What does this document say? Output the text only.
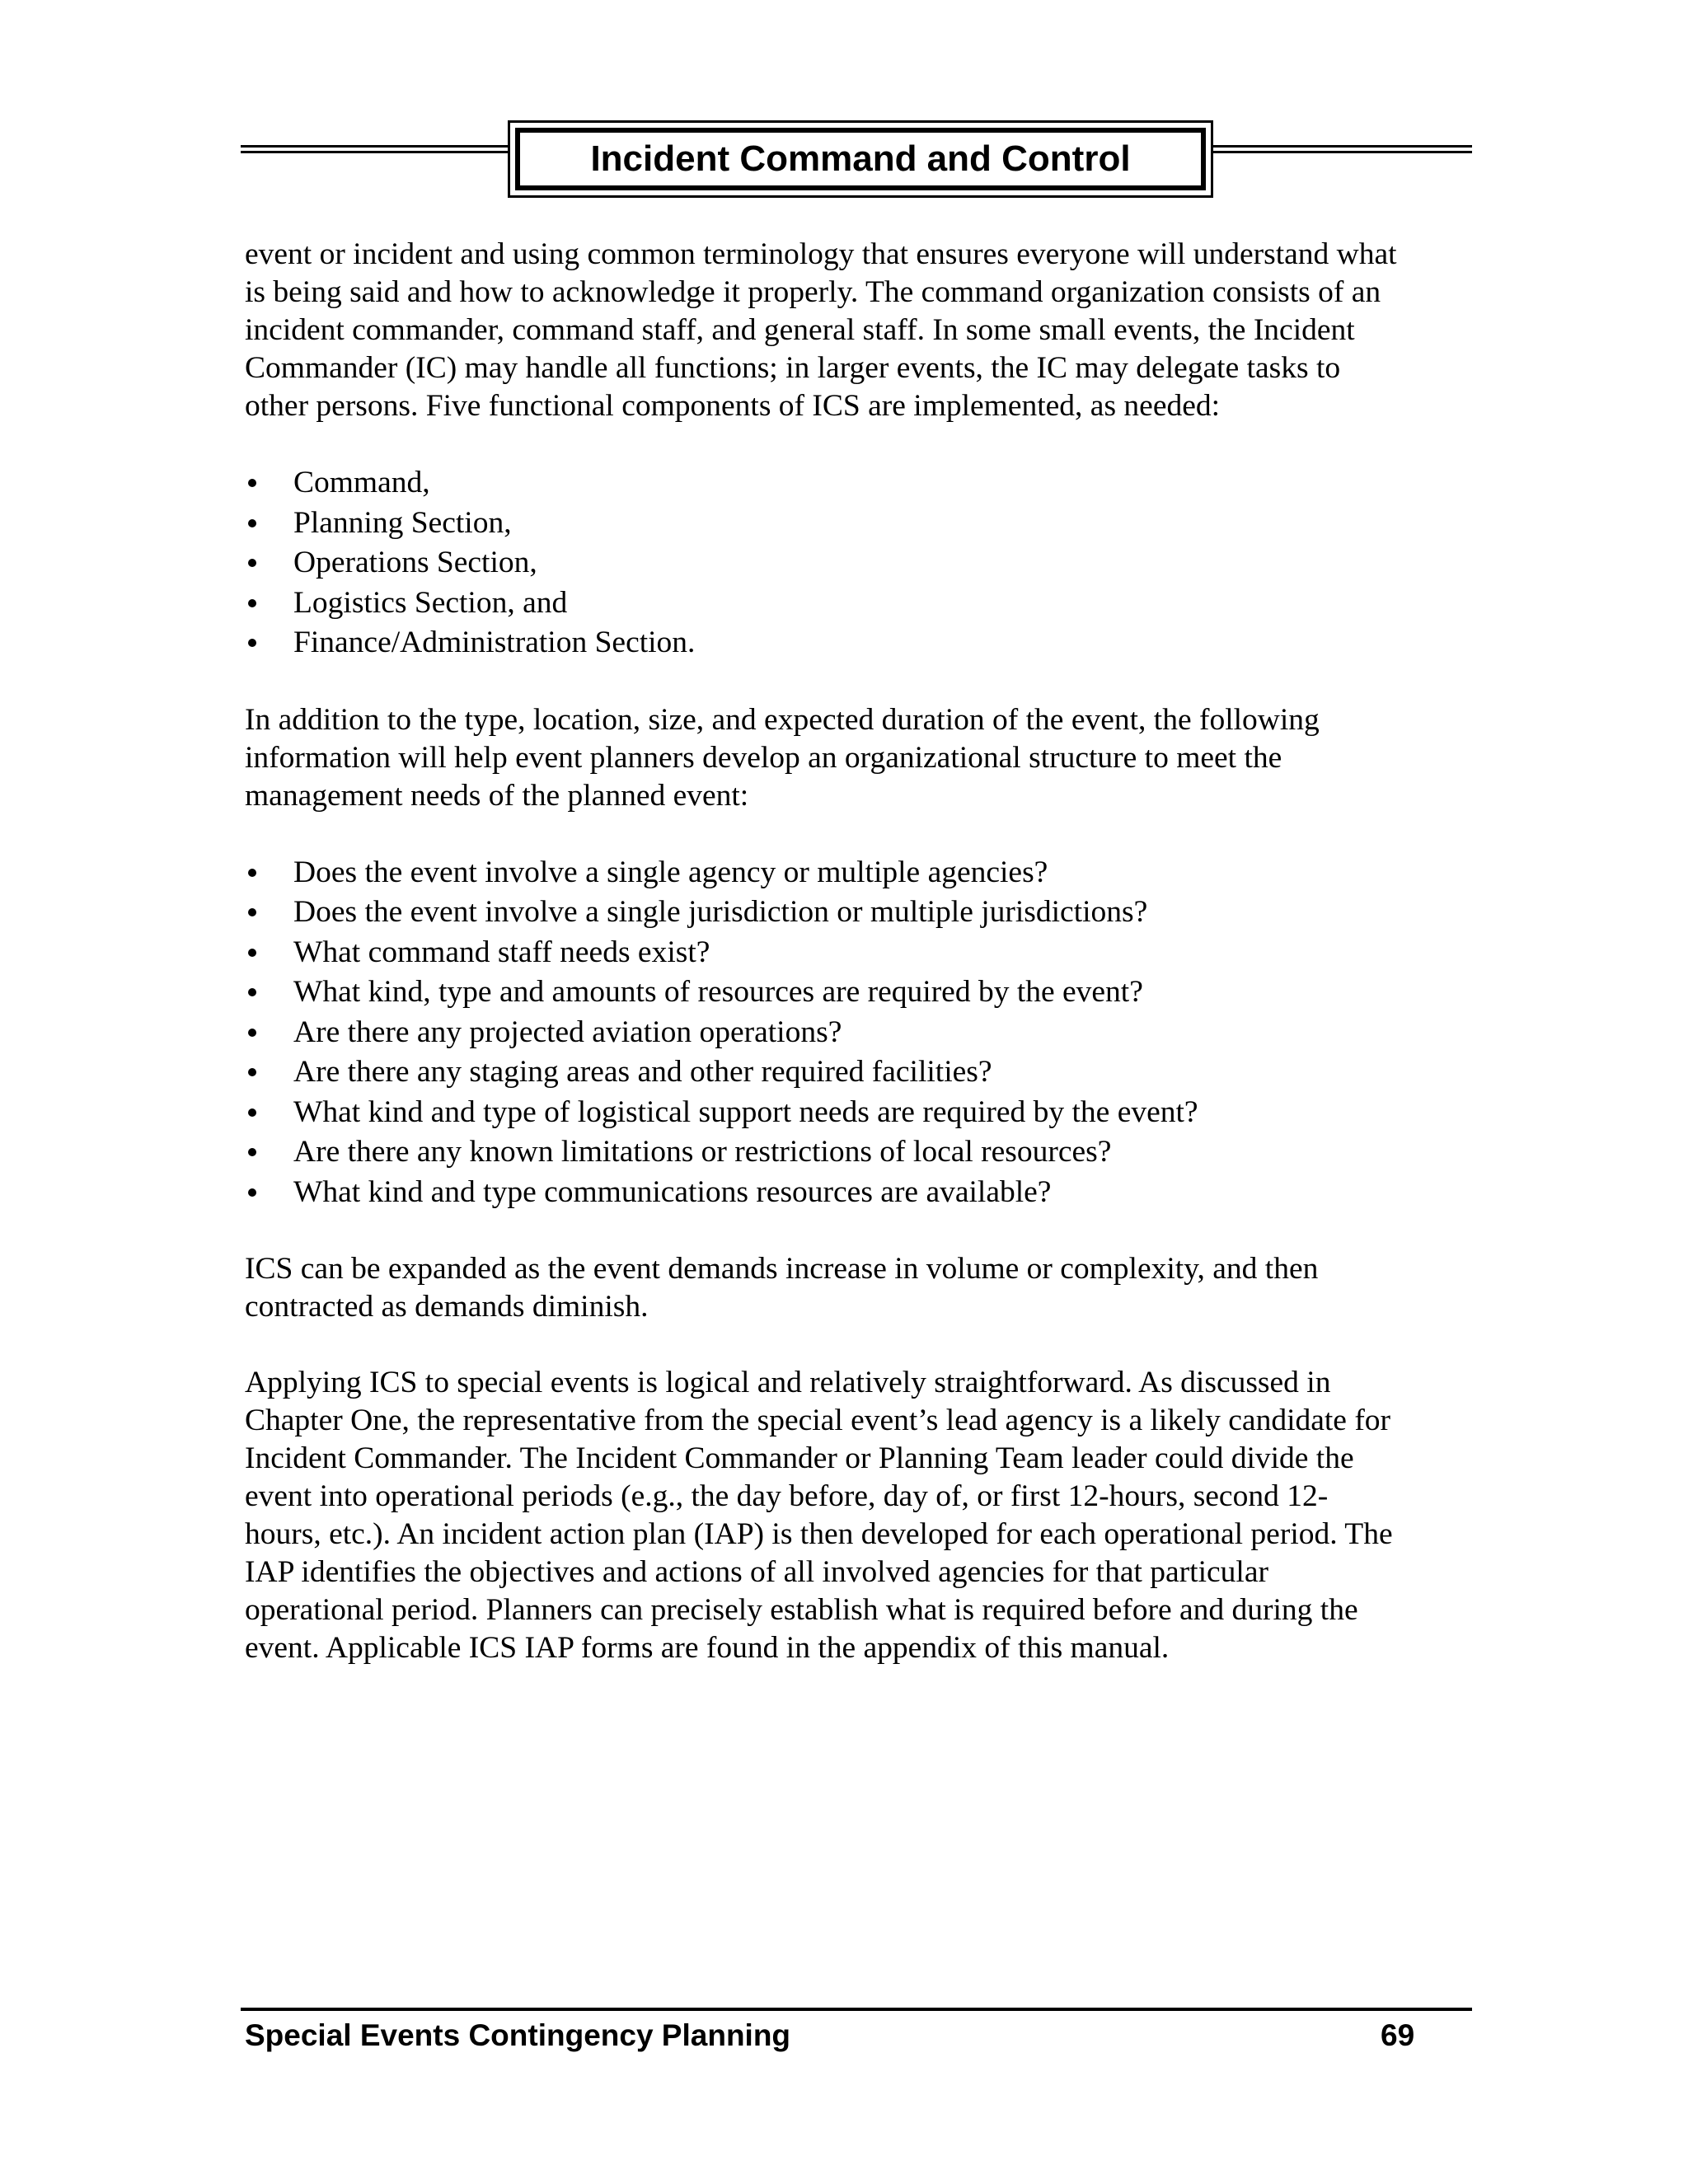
Incident Command and Control

event or incident and using common terminology that ensures everyone will understand what
is being said and how to acknowledge it properly. The command organization consists of an
incident commander, command staff, and general staff. In some small events, the Incident
Commander (IC) may handle all functions; in larger events, the IC may delegate tasks to
other persons. Five functional components of ICS are implemented, as needed:

Command,
Planning Section,
Operations Section,
Logistics Section, and
Finance/Administration Section.

In addition to the type, location, size, and expected duration of the event, the following
information will help event planners develop an organizational structure to meet the
management needs of the planned event:

Does the event involve a single agency or multiple agencies?
Does the event involve a single jurisdiction or multiple jurisdictions?
What command staff needs exist?
What kind, type and amounts of resources are required by the event?
Are there any projected aviation operations?
Are there any staging areas and other required facilities?
What kind and type of logistical support needs are required by the event?
Are there any known limitations or restrictions of local resources?
What kind and type communications resources are available?

ICS can be expanded as the event demands increase in volume or complexity, and then
contracted as demands diminish.

Applying ICS to special events is logical and relatively straightforward. As discussed in
Chapter One, the representative from the special event’s lead agency is a likely candidate for
Incident Commander. The Incident Commander or Planning Team leader could divide the
event into operational periods (e.g., the day before, day of, or first 12-hours, second 12-
hours, etc.). An incident action plan (IAP) is then developed for each operational period. The
IAP identifies the objectives and actions of all involved agencies for that particular
operational period. Planners can precisely establish what is required before and during the
event. Applicable ICS IAP forms are found in the appendix of this manual.

Special Events Contingency Planning	69
